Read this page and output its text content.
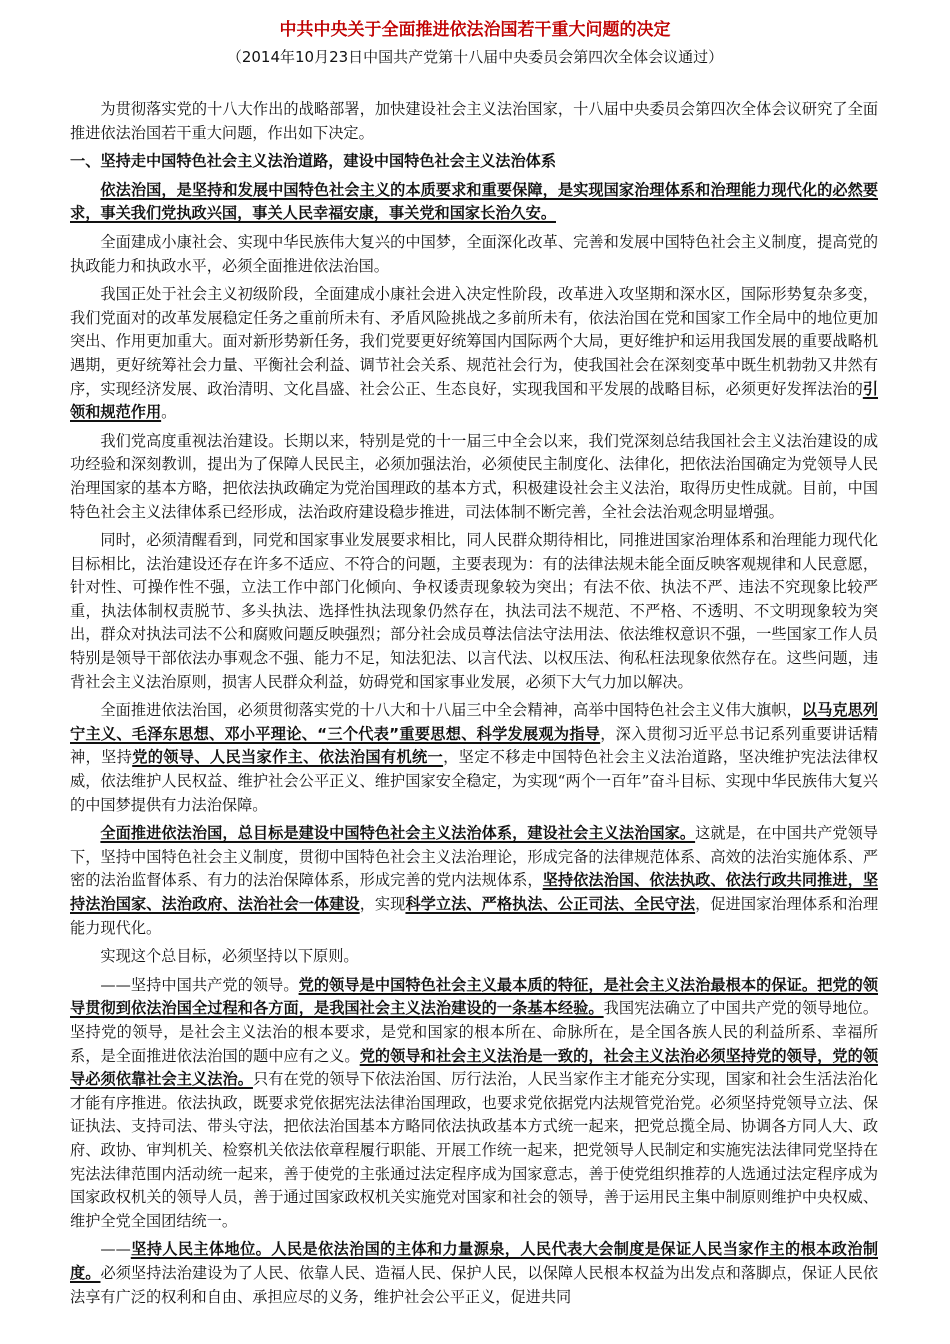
中共中央关于全面推进依法治国若干重大问题的决定
（2014年10月23日中国共产党第十八届中央委员会第四次全体会议通过）

为贯彻落实党的十八大作出的战略部署，加快建设社会主义法治国家，十八届中央委员会第四次全体会议研究了全面推进依法治国若干重大问题，作出如下决定。

一、坚持走中国特色社会主义法治道路，建设中国特色社会主义法治体系

依法治国，是坚持和发展中国特色社会主义的本质要求和重要保障，是实现国家治理体系和治理能力现代化的必然要求，事关我们党执政兴国，事关人民幸福安康，事关党和国家长治久安。

全面建成小康社会、实现中华民族伟大复兴的中国梦，全面深化改革、完善和发展中国特色社会主义制度，提高党的执政能力和执政水平，必须全面推进依法治国。

我国正处于社会主义初级阶段，全面建成小康社会进入决定性阶段，改革进入攻坚期和深水区，国际形势复杂多变，我们党面对的改革发展稳定任务之重前所未有、矛盾风险挑战之多前所未有，依法治国在党和国家工作全局中的地位更加突出、作用更加重大。面对新形势新任务，我们党要更好统筹国内国际两个大局，更好维护和运用我国发展的重要战略机遇期，更好统筹社会力量、平衡社会利益、调节社会关系、规范社会行为，使我国社会在深刻变革中既生机勃勃又井然有序，实现经济发展、政治清明、文化昌盛、社会公正、生态良好，实现我国和平发展的战略目标，必须更好发挥法治的引领和规范作用。

我们党高度重视法治建设。长期以来，特别是党的十一届三中全会以来，我们党深刻总结我国社会主义法治建设的成功经验和深刻教训，提出为了保障人民民主，必须加强法治，必须使民主制度化、法律化，把依法治国确定为党领导人民治理国家的基本方略，把依法执政确定为党治国理政的基本方式，积极建设社会主义法治，取得历史性成就。目前，中国特色社会主义法律体系已经形成，法治政府建设稳步推进，司法体制不断完善，全社会法治观念明显增强。

同时，必须清醒看到，同党和国家事业发展要求相比，同人民群众期待相比，同推进国家治理体系和治理能力现代化目标相比，法治建设还存在许多不适应、不符合的问题，主要表现为：有的法律法规未能全面反映客观规律和人民意愿，针对性、可操作性不强，立法工作中部门化倾向、争权诿责现象较为突出；有法不依、执法不严、违法不究现象比较严重，执法体制权责脱节、多头执法、选择性执法现象仍然存在，执法司法不规范、不严格、不透明、不文明现象较为突出，群众对执法司法不公和腐败问题反映强烈；部分社会成员尊法信法守法用法、依法维权意识不强，一些国家工作人员特别是领导干部依法办事观念不强、能力不足，知法犯法、以言代法、以权压法、徇私枉法现象依然存在。这些问题，违背社会主义法治原则，损害人民群众利益，妨碍党和国家事业发展，必须下大气力加以解决。

全面推进依法治国，必须贯彻落实党的十八大和十八届三中全会精神，高举中国特色社会主义伟大旗帜，以马克思列宁主义、毛泽东思想、邓小平理论、“三个代表”重要思想、科学发展观为指导，深入贯彻习近平总书记系列重要讲话精神，坚持党的领导、人民当家作主、依法治国有机统一，坚定不移走中国特色社会主义法治道路，坚决维护宪法法律权威，依法维护人民权益、维护社会公平正义、维护国家安全稳定，为实现“两个一百年”奋斗目标、实现中华民族伟大复兴的中国梦提供有力法治保障。

全面推进依法治国，总目标是建设中国特色社会主义法治体系，建设社会主义法治国家。这就是，在中国共产党领导下，坚持中国特色社会主义制度，贯彻中国特色社会主义法治理论，形成完备的法律规范体系、高效的法治实施体系、严密的法治监督体系、有力的法治保障体系，形成完善的党内法规体系，坚持依法治国、依法执政、依法行政共同推进，坚持法治国家、法治政府、法治社会一体建设，实现科学立法、严格执法、公正司法、全民守法，促进国家治理体系和治理能力现代化。

实现这个总目标，必须坚持以下原则。

——坚持中国共产党的领导。党的领导是中国特色社会主义最本质的特征，是社会主义法治最根本的保证。把党的领导贯彻到依法治国全过程和各方面，是我国社会主义法治建设的一条基本经验。我国宪法确立了中国共产党的领导地位。坚持党的领导，是社会主义法治的根本要求，是党和国家的根本所在、命脉所在，是全国各族人民的利益所系、幸福所系，是全面推进依法治国的题中应有之义。党的领导和社会主义法治是一致的，社会主义法治必须坚持党的领导，党的领导必须依靠社会主义法治。只有在党的领导下依法治国、厉行法治，人民当家作主才能充分实现，国家和社会生活法治化才能有序推进。依法执政，既要求党依据宪法法律治国理政，也要求党依据党内法规管党治党。必须坚持党领导立法、保证执法、支持司法、带头守法，把依法治国基本方略同依法执政基本方式统一起来，把党总揽全局、协调各方同人大、政府、政协、审判机关、检察机关依法依章程履行职能、开展工作统一起来，把党领导人民制定和实施宪法法律同党坚持在宪法法律范围内活动统一起来，善于使党的主张通过法定程序成为国家意志，善于使党组织推荐的人选通过法定程序成为国家政权机关的领导人员，善于通过国家政权机关实施党对国家和社会的领导，善于运用民主集中制原则维护中央权威、维护全党全国团结统一。

——坚持人民主体地位。人民是依法治国的主体和力量源泉，人民代表大会制度是保证人民当家作主的根本政治制度。必须坚持法治建设为了人民、依靠人民、造福人民、保护人民，以保障人民根本权益为出发点和落脚点，保证人民依法享有广泛的权利和自由、承担应尽的义务，维护社会公平正义，促进共同
